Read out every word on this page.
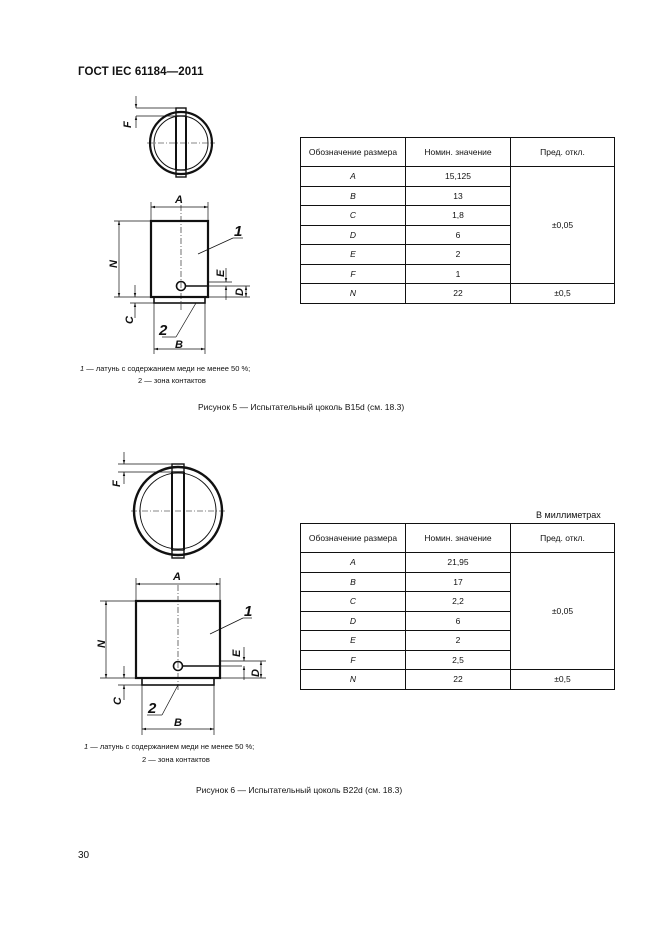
ГОСТ IEC 61184—2011
F
A
N
C
E
D
B
1
2
Обозначение размера	Номин. значение	Пред. откл.
A	15,125	±0,05
B	13	
C	1,8	
D	6	
E	2	
F	1	
N	22	±0,5
1 — латунь с содержанием меди не менее 50 %;
2 — зона контактов
Рисунок 5 — Испытательный цоколь B15d (см. 18.3)
F
A
N
C
E
D
B
1
2
В миллиметрах
Обозначение размера	Номин. значение	Пред. откл.
A	21,95	±0,05
B	17	
C	2,2	
D	6	
E	2	
F	2,5	
N	22	±0,5
1 — латунь с содержанием меди не менее 50 %;
2 — зона контактов
Рисунок 6 — Испытательный цоколь B22d (см. 18.3)
30
